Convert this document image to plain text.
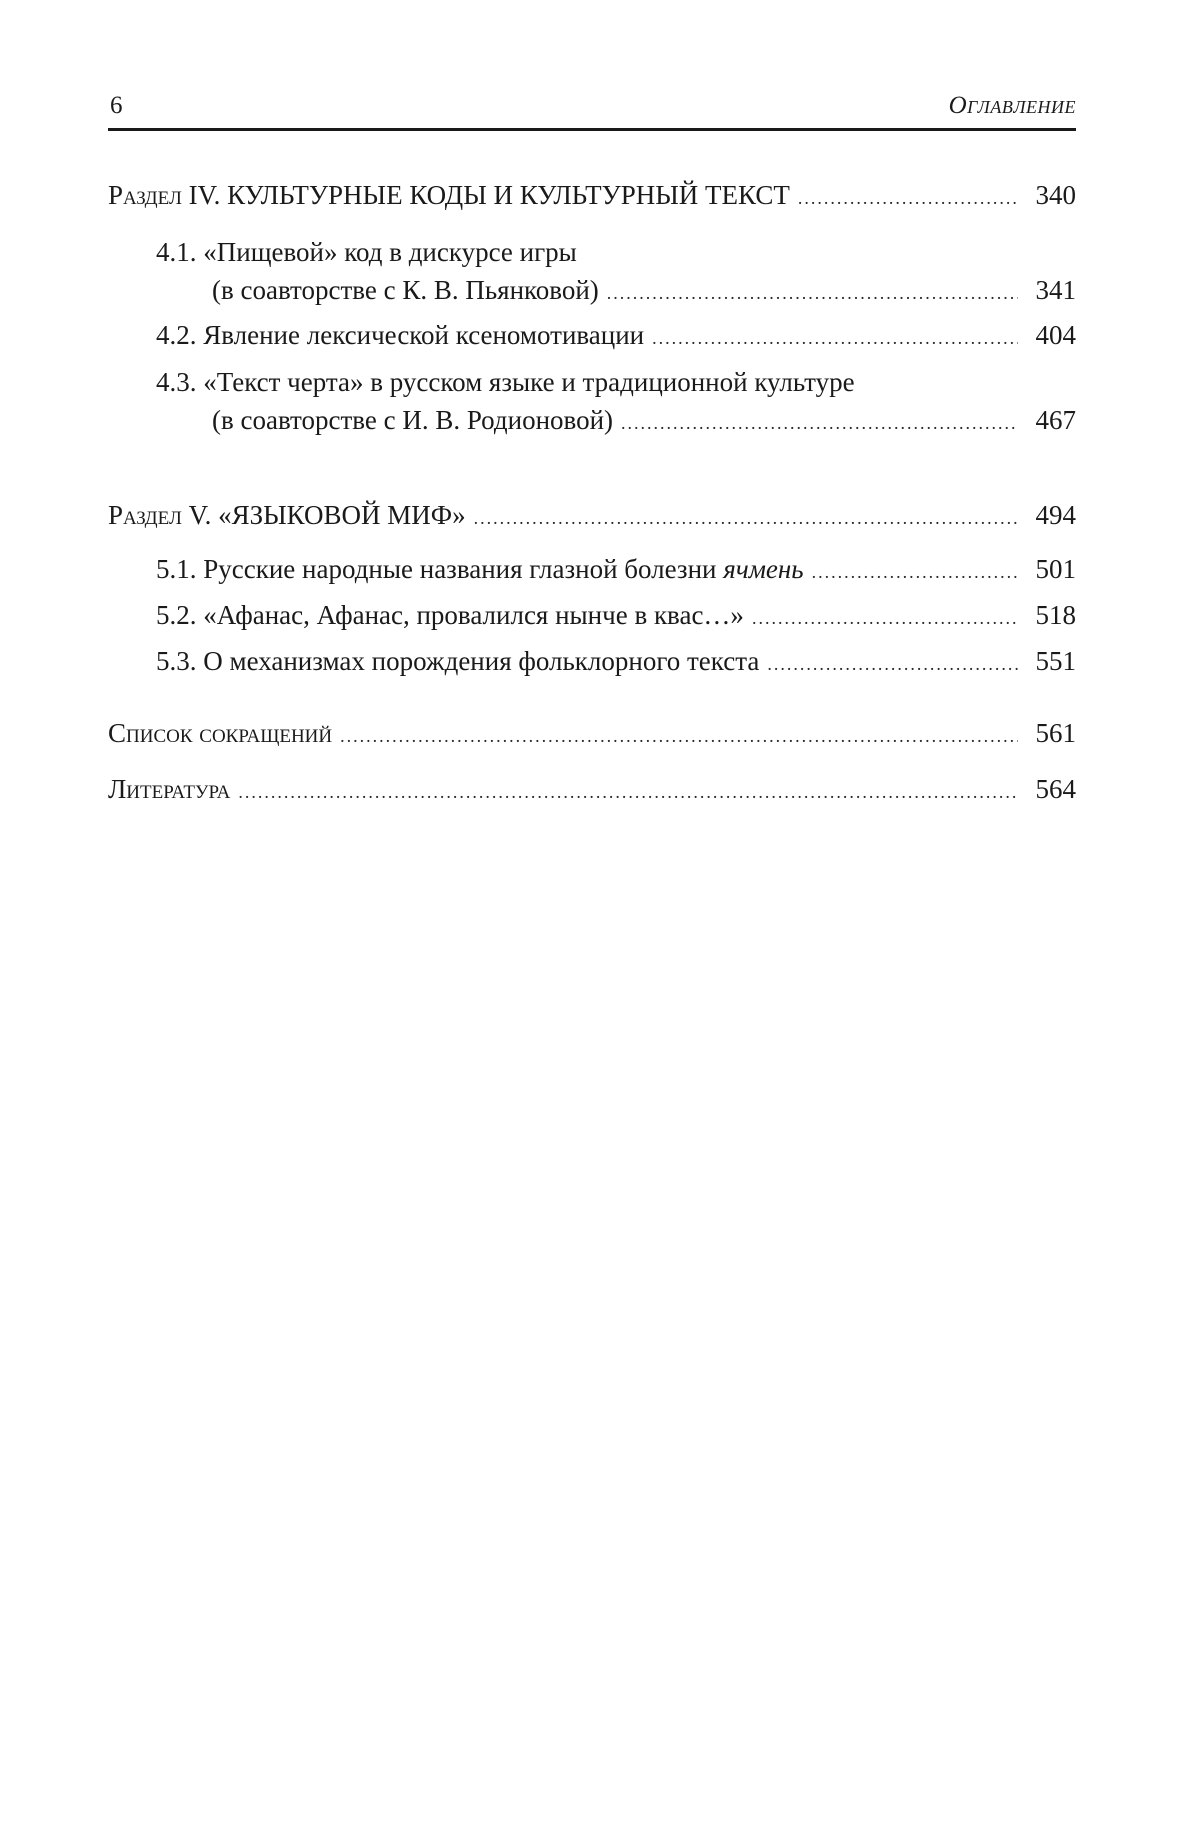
6	Оглавление
Раздел IV. КУЛЬТУРНЫЕ КОДЫ И КУЛЬТУРНЫЙ ТЕКСТ .....	340
4.1. «Пищевой» код в дискурсе игры
(в соавторстве с К. В. Пьянковой) .....	341
4.2. Явление лексической ксеномотивации .....	404
4.3. «Текст черта» в русском языке и традиционной культуре
(в соавторстве с И. В. Родионовой) .....	467
Раздел V. «ЯЗЫКОВОЙ МИФ» .....	494
5.1. Русские народные названия глазной болезни ячмень .....	501
5.2. «Афанас, Афанас, провалился нынче в квас…» .....	518
5.3. О механизмах порождения фольклорного текста .....	551
Список сокращений .....	561
Литература .....	564
